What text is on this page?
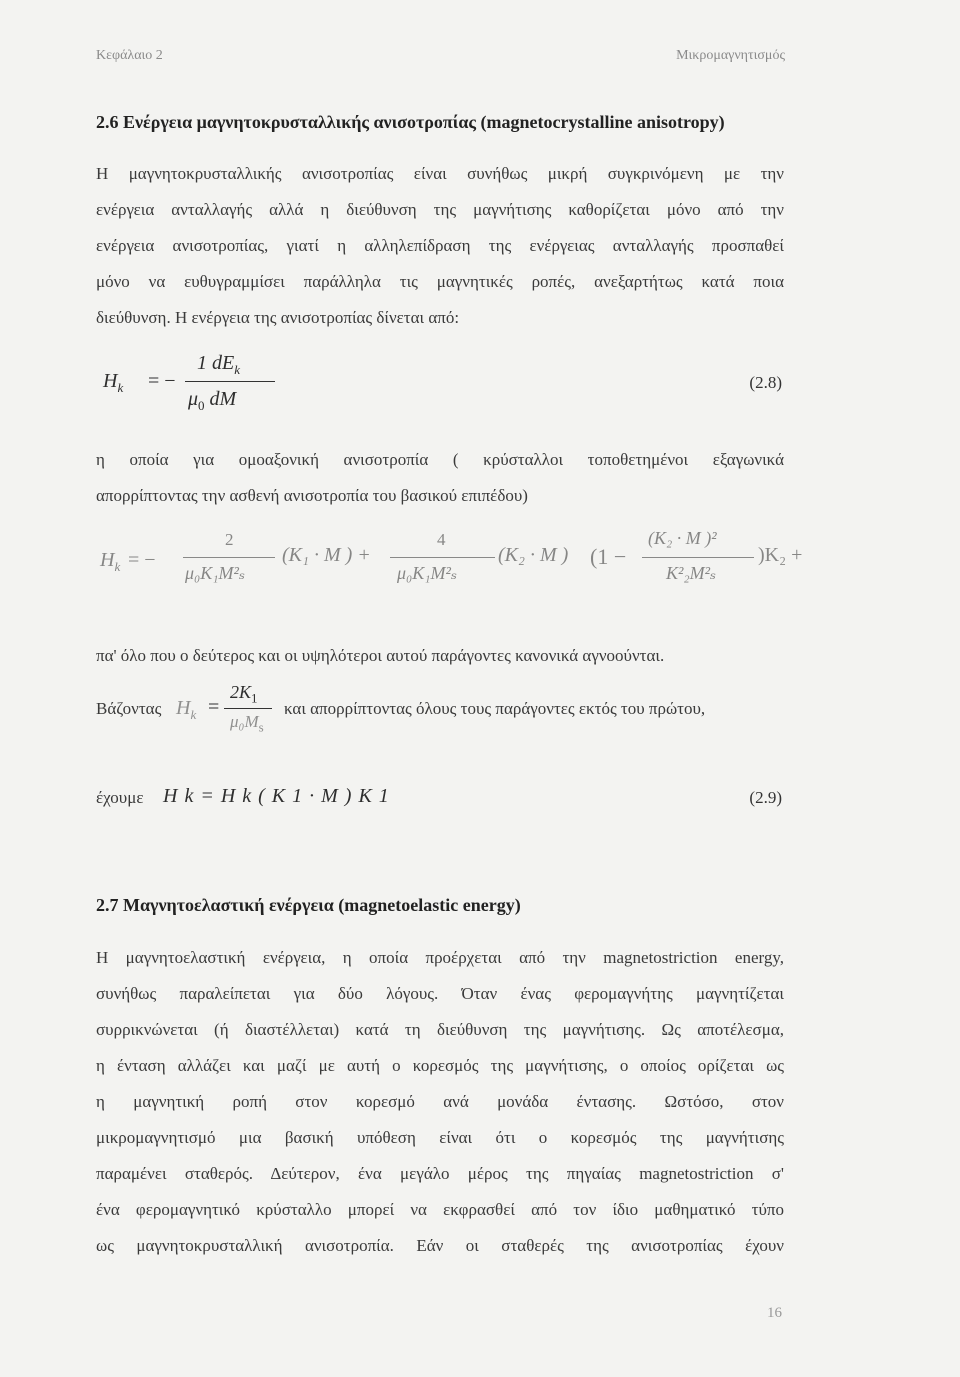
Κεφάλαιο 2	Μικρομαγνητισμός
2.6 Ενέργεια μαγνητοκρυσταλλικής ανισοτροπίας (magnetocrystalline anisotropy)
Η μαγνητοκρυσταλλικής ανισοτροπίας είναι συνήθως μικρή συγκρινόμενη με την
ενέργεια ανταλλαγής αλλά η διεύθυνση της μαγνήτισης καθορίζεται μόνο από την
ενέργεια ανισοτροπίας, γιατί η αλληλεπίδραση της ενέργειας ανταλλαγής προσπαθεί
μόνο να ευθυγραμμίσει παράλληλα τις μαγνητικές ροπές, ανεξαρτήτως κατά ποια
διεύθυνση. Η ενέργεια της ανισοτροπίας δίνεται από:
$H_k$ = −
1 $dE_k$
$\mu_0$ dM
(2.8)
η οποία για ομοαξονική ανισοτροπία ( κρύσταλλοι τοποθετημένοι εξαγωνικά
απορρίπτοντας την ασθενή ανισοτροπία του βασικού επιπέδου)
$H_k$ = −
2
μ₀K₁M²ₛ
(K₁ · M ) +
4
μ₀K₁M²ₛ
(K₂ · M ) (1 −
(K₂ · M )²
K²₂M²ₛ
)K₂ +
πα' όλο που ο δεύτερος και οι υψηλότεροι αυτού παράγοντες κανονικά αγνοούνται.
Βάζοντας $H_k$ =
$2K_1$
$\mu_0M_s$
και απορρίπτοντας όλους τους παράγοντες εκτός του πρώτου,
έχουμε H k = H k ( K 1 · M ) K 1	(2.9)
2.7 Μαγνητοελαστική ενέργεια (magnetoelastic energy)
Η μαγνητοελαστική ενέργεια, η οποία προέρχεται από την magnetostriction energy,
συνήθως παραλείπεται για δύο λόγους. Όταν ένας φερομαγνήτης μαγνητίζεται
συρρικνώνεται (ή διαστέλλεται) κατά τη διεύθυνση της μαγνήτισης. Ως αποτέλεσμα,
η ένταση αλλάζει και μαζί με αυτή ο κορεσμός της μαγνήτισης, ο οποίος ορίζεται ως
η μαγνητική ροπή στον κορεσμό ανά μονάδα έντασης. Ωστόσο, στον
μικρομαγνητισμό μια βασική υπόθεση είναι ότι ο κορεσμός της μαγνήτισης
παραμένει σταθερός. Δεύτερον, ένα μεγάλο μέρος της πηγαίας magnetostriction σ'
ένα φερομαγνητικό κρύσταλλο μπορεί να εκφρασθεί από τον ίδιο μαθηματικό τύπο
ως μαγνητοκρυσταλλική ανισοτροπία. Εάν οι σταθερές της ανισοτροπίας έχουν
16
